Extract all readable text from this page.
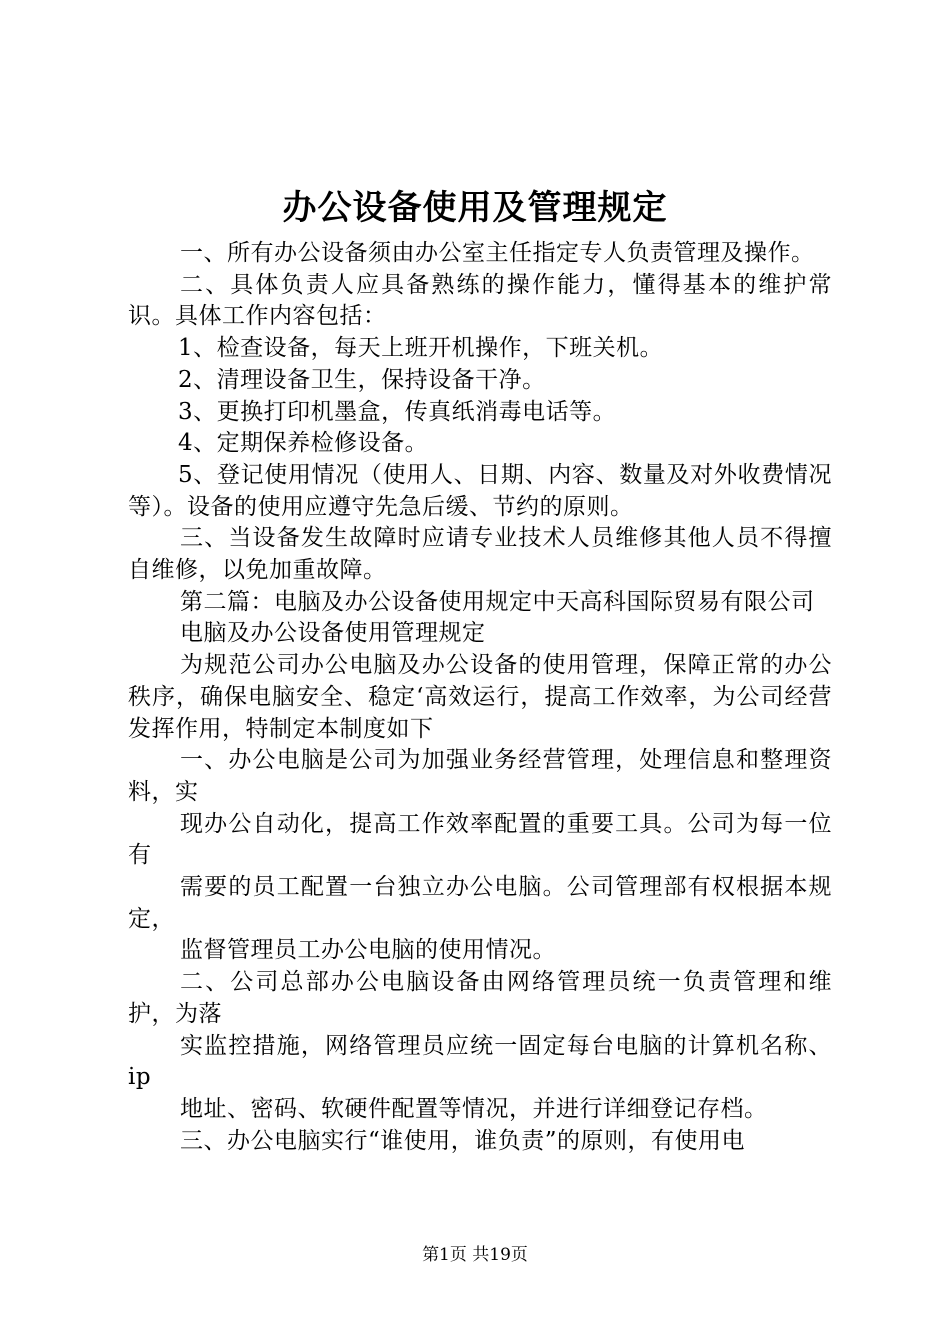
办公设备使用及管理规定

一、所有办公设备须由办公室主任指定专人负责管理及操作。

二、具体负责人应具备熟练的操作能力，懂得基本的维护常识。具体工作内容包括：

1、检查设备，每天上班开机操作，下班关机。

2、清理设备卫生，保持设备干净。

3、更换打印机墨盒，传真纸消毒电话等。

4、定期保养检修设备。

5、登记使用情况（使用人、日期、内容、数量及对外收费情况等）。设备的使用应遵守先急后缓、节约的原则。

三、当设备发生故障时应请专业技术人员维修其他人员不得擅自维修，以免加重故障。

第二篇：电脑及办公设备使用规定中天高科国际贸易有限公司

电脑及办公设备使用管理规定

为规范公司办公电脑及办公设备的使用管理，保障正常的办公秩序，确保电脑安全、稳定‘高效运行，提高工作效率，为公司经营发挥作用，特制定本制度如下

一、办公电脑是公司为加强业务经营管理，处理信息和整理资料，实

现办公自动化，提高工作效率配置的重要工具。公司为每一位有

需要的员工配置一台独立办公电脑。公司管理部有权根据本规定，

监督管理员工办公电脑的使用情况。

二、公司总部办公电脑设备由网络管理员统一负责管理和维护，为落

实监控措施，网络管理员应统一固定每台电脑的计算机名称、ip

地址、密码、软硬件配置等情况，并进行详细登记存档。

三、办公电脑实行“谁使用，谁负责”的原则，有使用电

第1页 共19页
